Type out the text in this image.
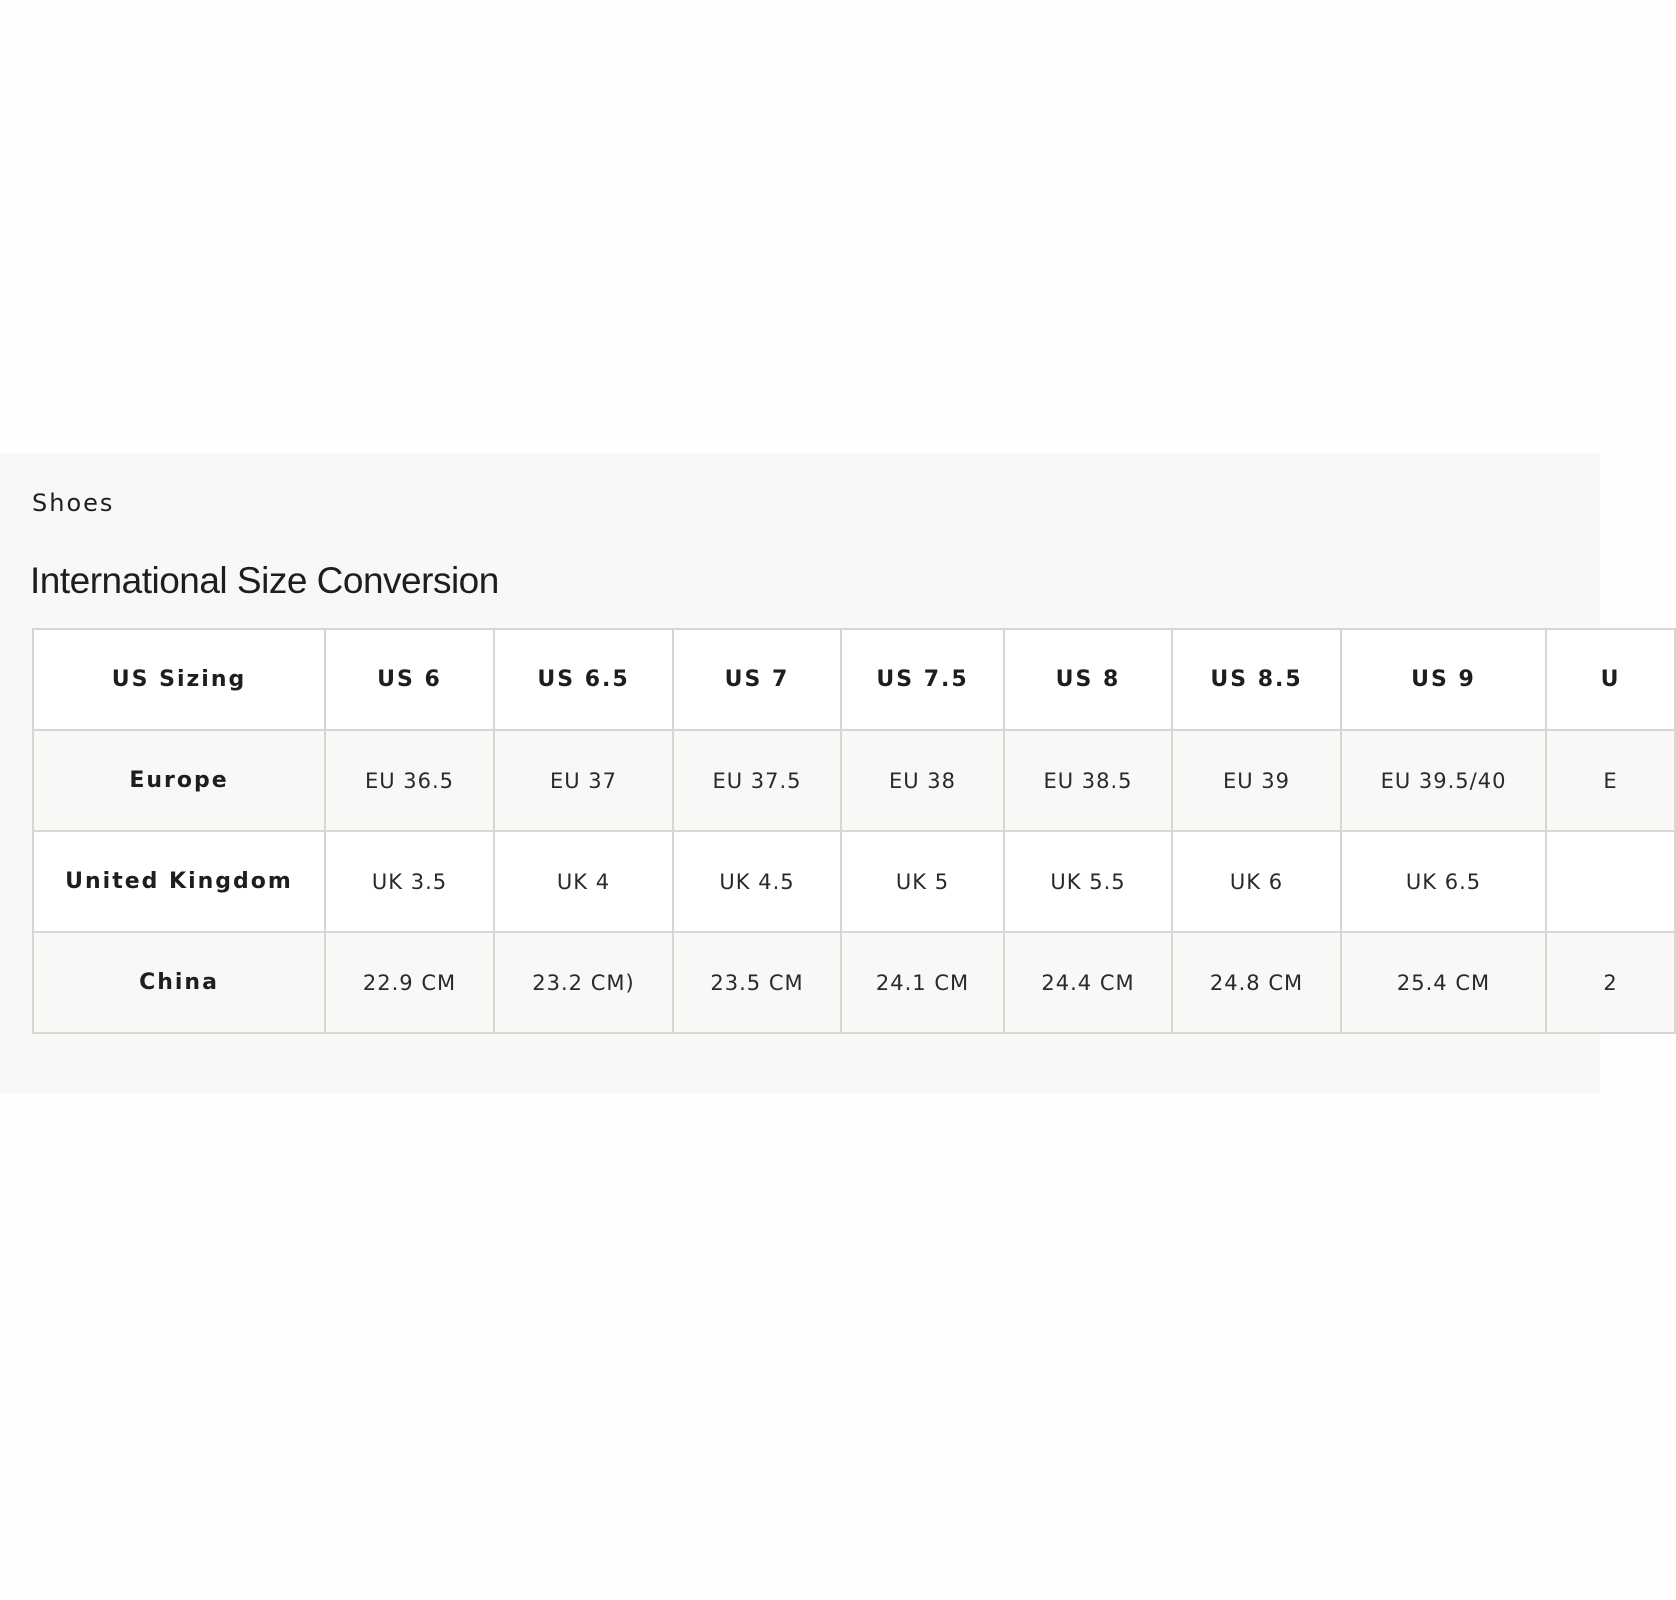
Shoes

International Size Conversion
US Sizing	US 6	US 6.5	US 7	US 7.5	US 8	US 8.5	US 9	U
Europe	EU 36.5	EU 37	EU 37.5	EU 38	EU 38.5	EU 39	EU 39.5/40	E
United Kingdom	UK 3.5	UK 4	UK 4.5	UK 5	UK 5.5	UK 6	UK 6.5	
China	22.9 CM	23.2 CM)	23.5 CM	24.1 CM	24.4 CM	24.8 CM	25.4 CM	2
